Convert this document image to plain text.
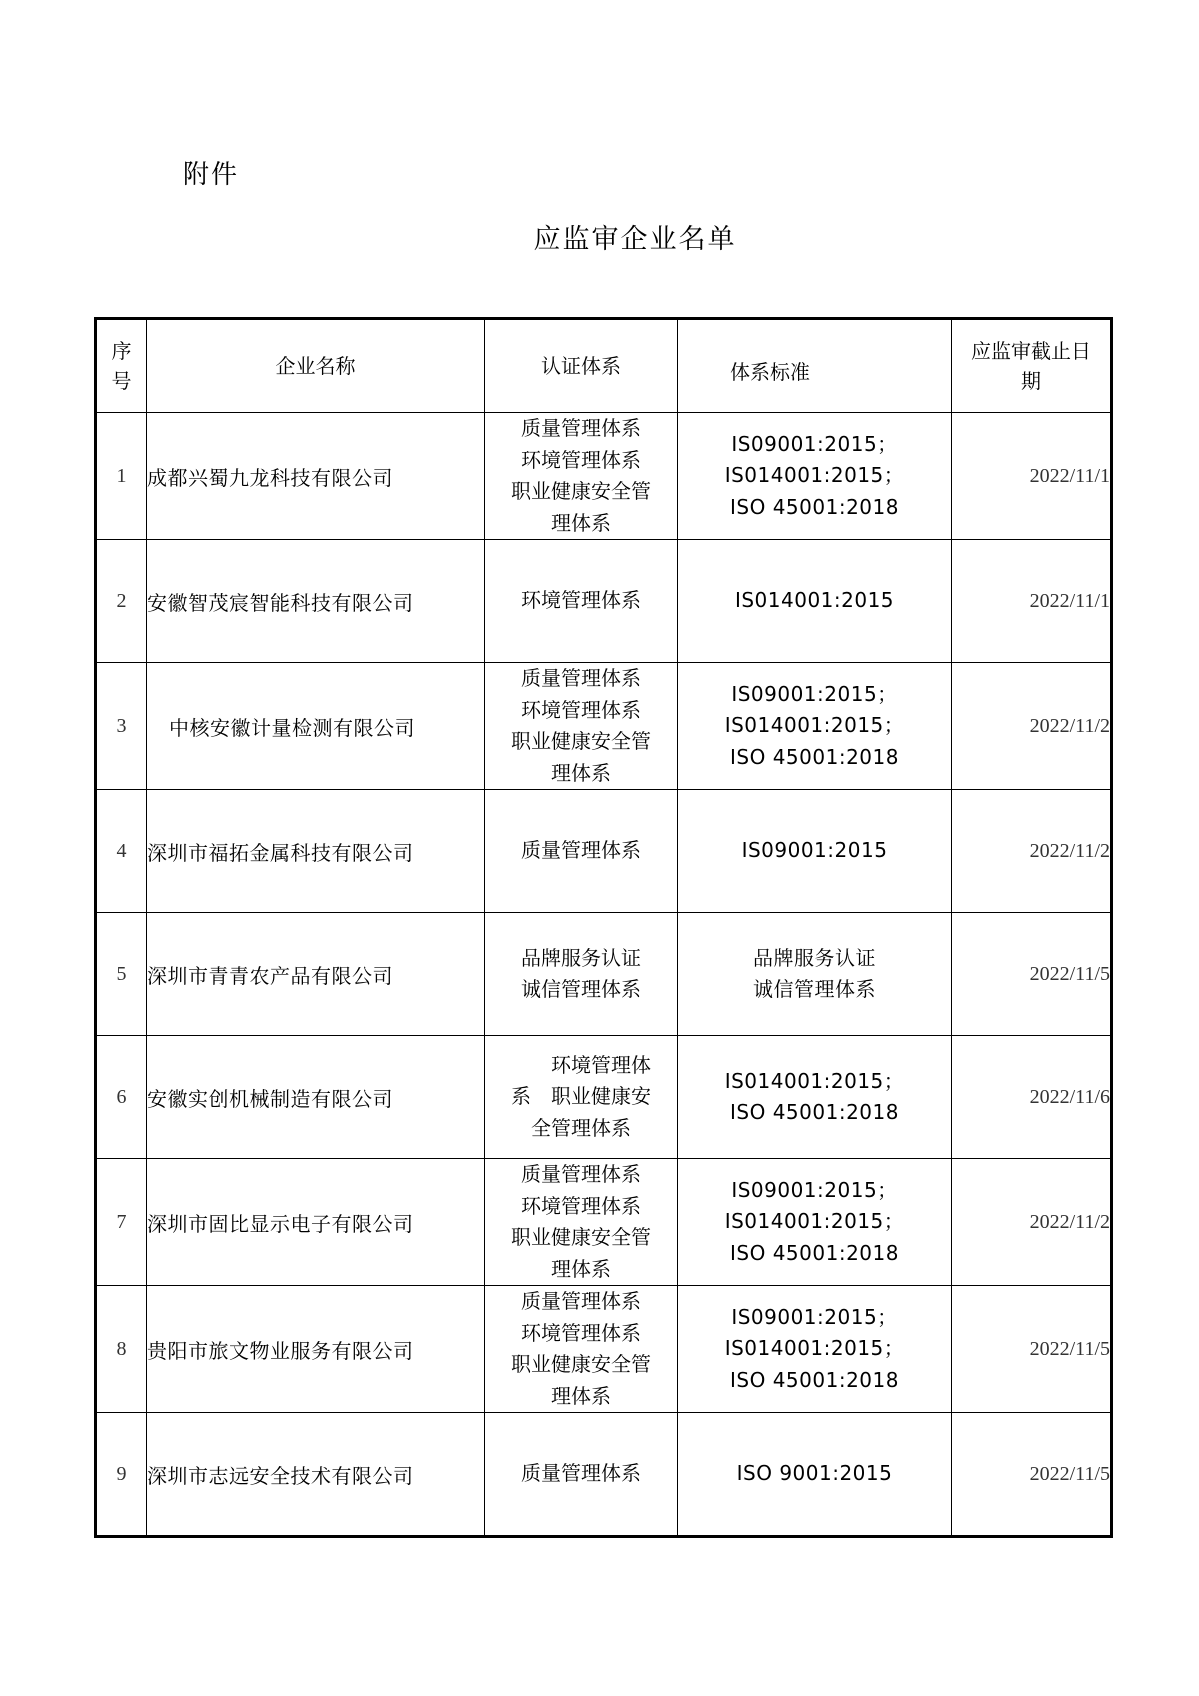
附件
应监审企业名单
序
号	企业名称	认证体系	体系标准	应监审截止日
期

1	成都兴蜀九龙科技有限公司	质量管理体系
环境管理体系
职业健康安全管
理体系	IS09001:2015；
IS014001:2015；
ISO 45001:2018	2022/11/1
2	安徽智茂宸智能科技有限公司	环境管理体系	IS014001:2015	2022/11/1
3	中核安徽计量检测有限公司	质量管理体系
环境管理体系
职业健康安全管
理体系	IS09001:2015；
IS014001:2015；
ISO 45001:2018	2022/11/2
4	深圳市福拓金属科技有限公司	质量管理体系	IS09001:2015	2022/11/2
5	深圳市青青农产品有限公司	品牌服务认证
诚信管理体系	品牌服务认证
诚信管理体系	2022/11/5
6	安徽实创机械制造有限公司	　　环境管理体
系　职业健康安
全管理体系	IS014001:2015；
ISO 45001:2018	2022/11/6
7	深圳市固比显示电子有限公司	质量管理体系
环境管理体系
职业健康安全管
理体系	IS09001:2015；
IS014001:2015；
ISO 45001:2018	2022/11/2
8	贵阳市旅文物业服务有限公司	质量管理体系
环境管理体系
职业健康安全管
理体系	IS09001:2015；
IS014001:2015；
ISO 45001:2018	2022/11/5
9	深圳市志远安全技术有限公司	质量管理体系	ISO 9001:2015	2022/11/5
